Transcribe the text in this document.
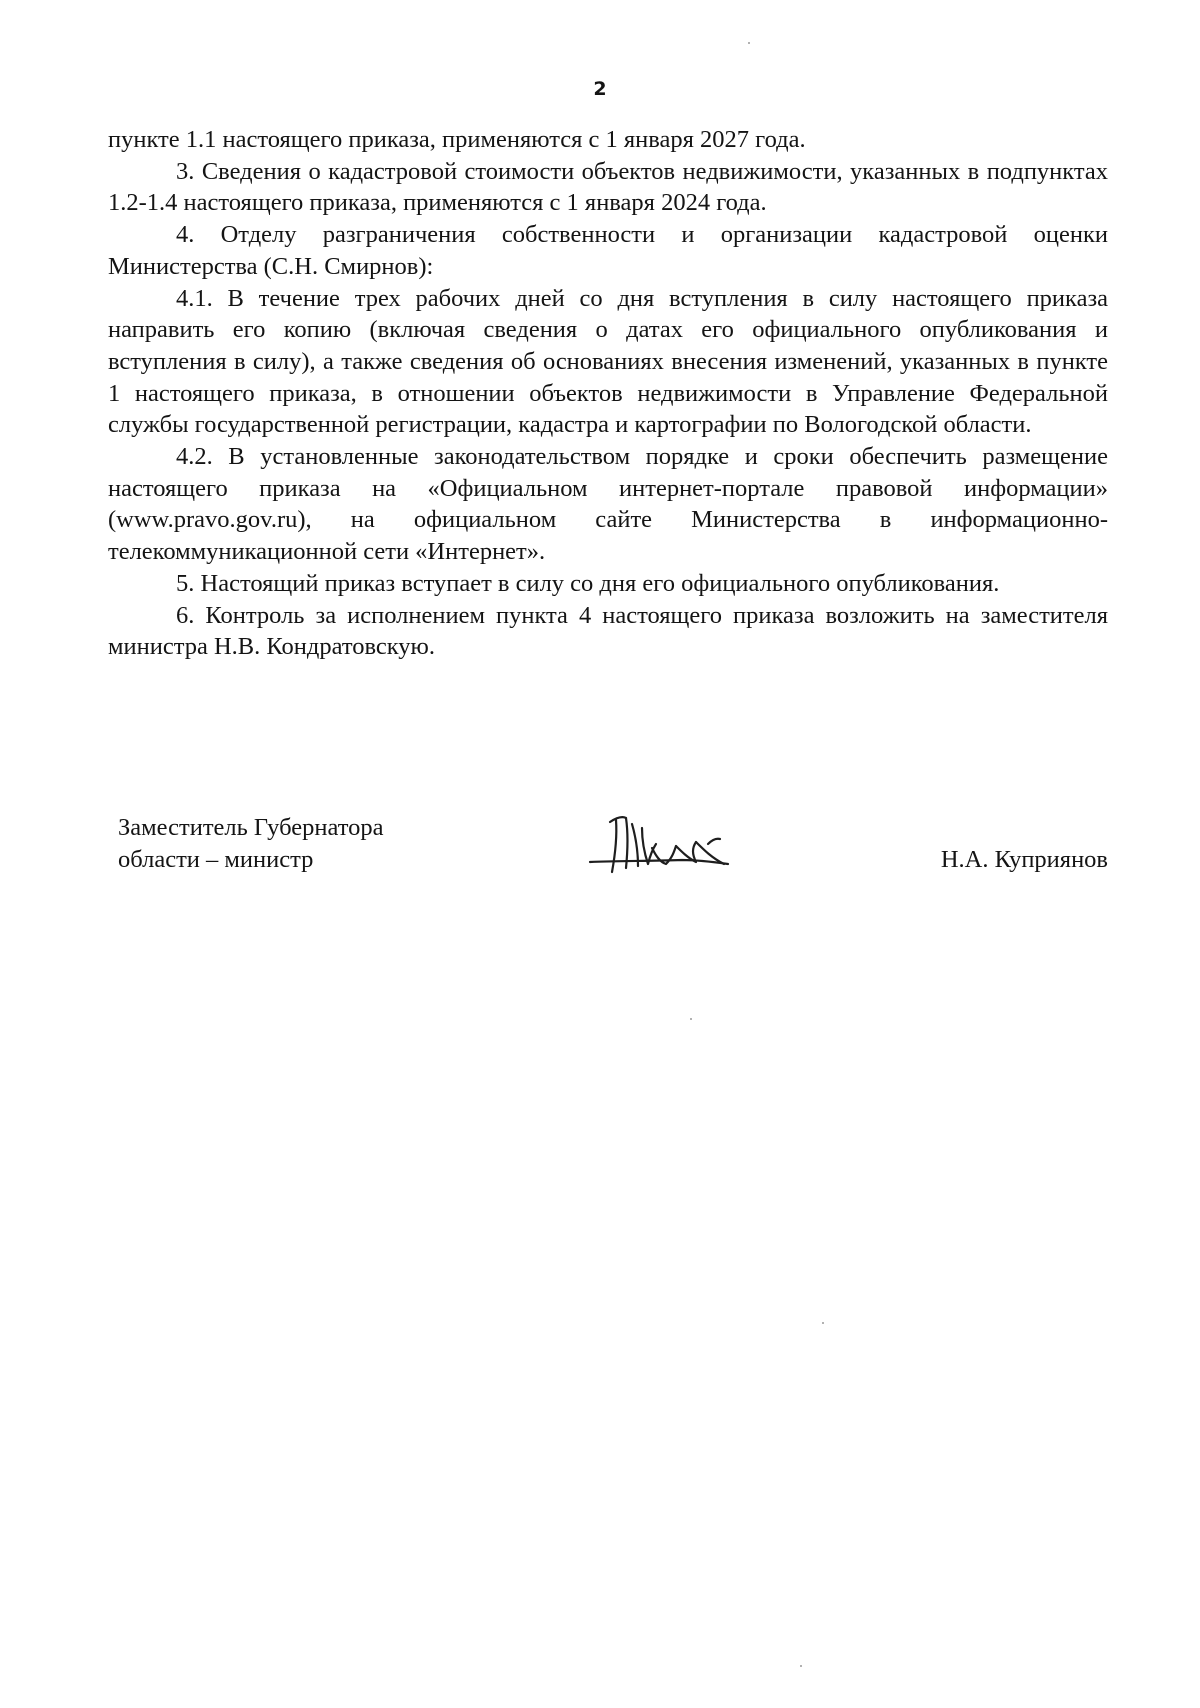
2

пункте 1.1 настоящего приказа, применяются с 1 января 2027 года.

3. Сведения о кадастровой стоимости объектов недвижимости, указанных в подпунктах 1.2-1.4 настоящего приказа, применяются с 1 января 2024 года.

4. Отделу разграничения собственности и организации кадастровой оценки Министерства (С.Н. Смирнов):

4.1. В течение трех рабочих дней со дня вступления в силу настоящего приказа направить его копию (включая сведения о датах его официального опубликования и вступления в силу), а также сведения об основаниях внесения изменений, указанных в пункте 1 настоящего приказа, в отношении объектов недвижимости в Управление Федеральной службы государственной регистрации, кадастра и картографии по Вологодской области.

4.2. В установленные законодательством порядке и сроки обеспечить размещение настоящего приказа на «Официальном интернет-портале правовой информации» (www.pravo.gov.ru), на официальном сайте Министерства в информационно-телекоммуникационной сети «Интернет».

5. Настоящий приказ вступает в силу со дня его официального опубликования.

6. Контроль за исполнением пункта 4 настоящего приказа возложить на заместителя министра Н.В. Кондратовскую.

Заместитель Губернатора
области – министр	Н.А. Куприянов
